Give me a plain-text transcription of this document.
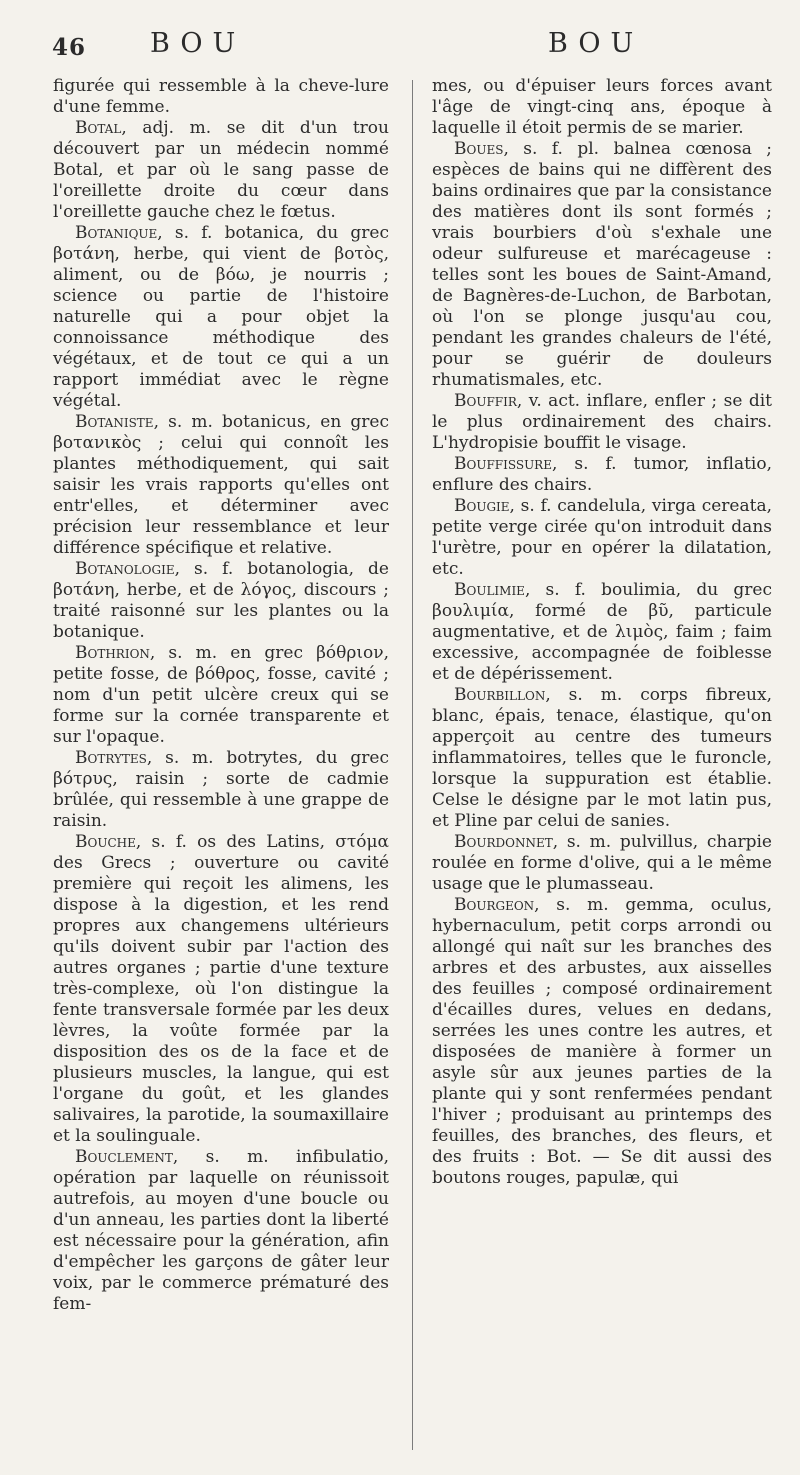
46 BOU	BOU

figurée qui ressemble à la cheve-lure d'une femme.

Botal, adj. m. se dit d'un trou découvert par un médecin nommé Botal, et par où le sang passe de l'oreillette droite du cœur dans l'oreillette gauche chez le fœtus.

Botanique, s. f. botanica, du grec βοτάνη, herbe, qui vient de βοτὸς, aliment, ou de βόω, je nourris ; science ou partie de l'histoire naturelle qui a pour objet la connoissance méthodique des végétaux, et de tout ce qui a un rapport immédiat avec le règne végétal.

Botaniste, s. m. botanicus, en grec βοτανικὸς ; celui qui connoît les plantes méthodiquement, qui sait saisir les vrais rapports qu'elles ont entr'elles, et déterminer avec précision leur ressemblance et leur différence spécifique et relative.

Botanologie, s. f. botanologia, de βοτάνη, herbe, et de λόγος, discours ; traité raisonné sur les plantes ou la botanique.

Bothrion, s. m. en grec βόθριον, petite fosse, de βόθρος, fosse, cavité ; nom d'un petit ulcère creux qui se forme sur la cornée transparente et sur l'opaque.

Botrytes, s. m. botrytes, du grec βότρυς, raisin ; sorte de cadmie brûlée, qui ressemble à une grappe de raisin.

Bouche, s. f. os des Latins, στόμα des Grecs ; ouverture ou cavité première qui reçoit les alimens, les dispose à la digestion, et les rend propres aux changemens ultérieurs qu'ils doivent subir par l'action des autres organes ; partie d'une texture très-complexe, où l'on distingue la fente transversale formée par les deux lèvres, la voûte formée par la disposition des os de la face et de plusieurs muscles, la langue, qui est l'organe du goût, et les glandes salivaires, la parotide, la soumaxillaire et la soulinguale.

Bouclement, s. m. infibulatio, opération par laquelle on réunissoit autrefois, au moyen d'une boucle ou d'un anneau, les parties dont la liberté est nécessaire pour la génération, afin d'empêcher les garçons de gâter leur voix, par le commerce prématuré des fem-

mes, ou d'épuiser leurs forces avant l'âge de vingt-cinq ans, époque à laquelle il étoit permis de se marier.

Boues, s. f. pl. balnea cœnosa ; espèces de bains qui ne diffèrent des bains ordinaires que par la consistance des matières dont ils sont formés ; vrais bourbiers d'où s'exhale une odeur sulfureuse et marécageuse : telles sont les boues de Saint-Amand, de Bagnères-de-Luchon, de Barbotan, où l'on se plonge jusqu'au cou, pendant les grandes chaleurs de l'été, pour se guérir de douleurs rhumatismales, etc.

Bouffir, v. act. inflare, enfler ; se dit le plus ordinairement des chairs. L'hydropisie bouffit le visage.

Bouffissure, s. f. tumor, inflatio, enflure des chairs.

Bougie, s. f. candelula, virga cereata, petite verge cirée qu'on introduit dans l'urètre, pour en opérer la dilatation, etc.

Boulimie, s. f. boulimia, du grec βουλιμία, formé de βῦ, particule augmentative, et de λιμὸς, faim ; faim excessive, accompagnée de foiblesse et de dépérissement.

Bourbillon, s. m. corps fibreux, blanc, épais, tenace, élastique, qu'on apperçoit au centre des tumeurs inflammatoires, telles que le furoncle, lorsque la suppuration est établie. Celse le désigne par le mot latin pus, et Pline par celui de sanies.

Bourdonnet, s. m. pulvillus, charpie roulée en forme d'olive, qui a le même usage que le plumasseau.

Bourgeon, s. m. gemma, oculus, hybernaculum, petit corps arrondi ou allongé qui naît sur les branches des arbres et des arbustes, aux aisselles des feuilles ; composé ordinairement d'écailles dures, velues en dedans, serrées les unes contre les autres, et disposées de manière à former un asyle sûr aux jeunes parties de la plante qui y sont renfermées pendant l'hiver ; produisant au printemps des feuilles, des branches, des fleurs, et des fruits : Bot. — Se dit aussi des boutons rouges, papulæ, qui
